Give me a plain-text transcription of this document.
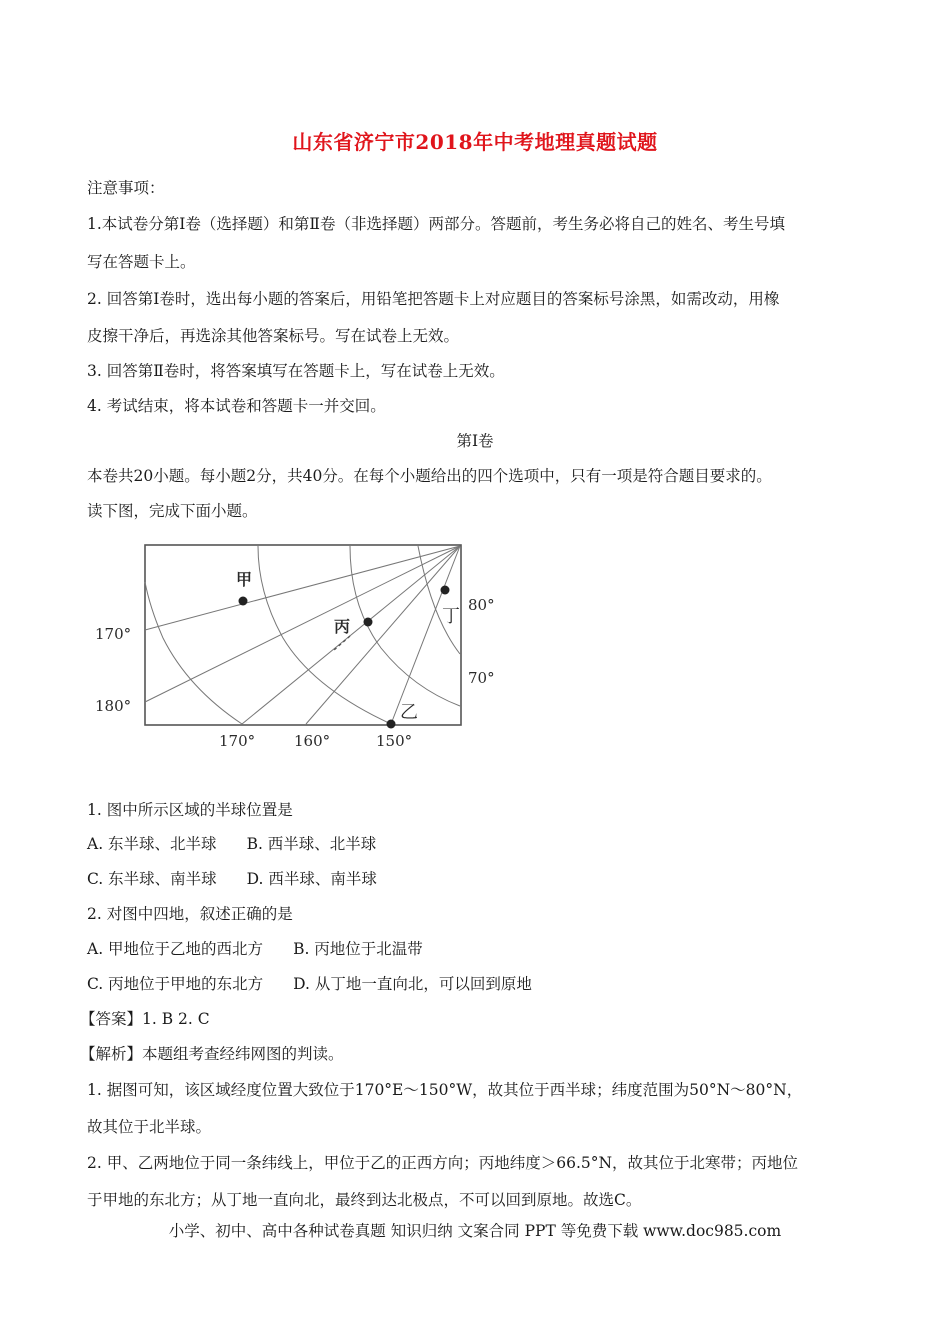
山东省济宁市2018年中考地理真题试题
注意事项：
1.本试卷分第Ⅰ卷（选择题）和第Ⅱ卷（非选择题）两部分。答题前，考生务必将自己的姓名、考生号填
写在答题卡上。
2. 回答第Ⅰ卷时，选出每小题的答案后，用铅笔把答题卡上对应题目的答案标号涂黑，如需改动，用橡
皮擦干净后，再选涂其他答案标号。写在试卷上无效。
3. 回答第Ⅱ卷时，将答案填写在答题卡上，写在试卷上无效。
4. 考试结束，将本试卷和答题卡一并交回。
第Ⅰ卷
本卷共20小题。每小题2分，共40分。在每个小题给出的四个选项中，只有一项是符合题目要求的。
读下图，完成下面小题。
甲
丙	丁
乙
170°
180°
170°	160°	150°
80°
70°
1. 图中所示区域的半球位置是
A. 东半球、北半球 B. 西半球、北半球
C. 东半球、南半球 D. 西半球、南半球
2. 对图中四地，叙述正确的是
A. 甲地位于乙地的西北方 B. 丙地位于北温带
C. 丙地位于甲地的东北方 D. 从丁地一直向北，可以回到原地
【答案】1. B 2. C
【解析】本题组考查经纬网图的判读。
1. 据图可知，该区域经度位置大致位于170°E～150°W，故其位于西半球；纬度范围为50°N～80°N，
故其位于北半球。
2. 甲、乙两地位于同一条纬线上，甲位于乙的正西方向；丙地纬度＞66.5°N，故其位于北寒带；丙地位
于甲地的东北方；从丁地一直向北，最终到达北极点，不可以回到原地。故选C。
小学、初中、高中各种试卷真题 知识归纳 文案合同 PPT 等免费下载 www.doc985.com
